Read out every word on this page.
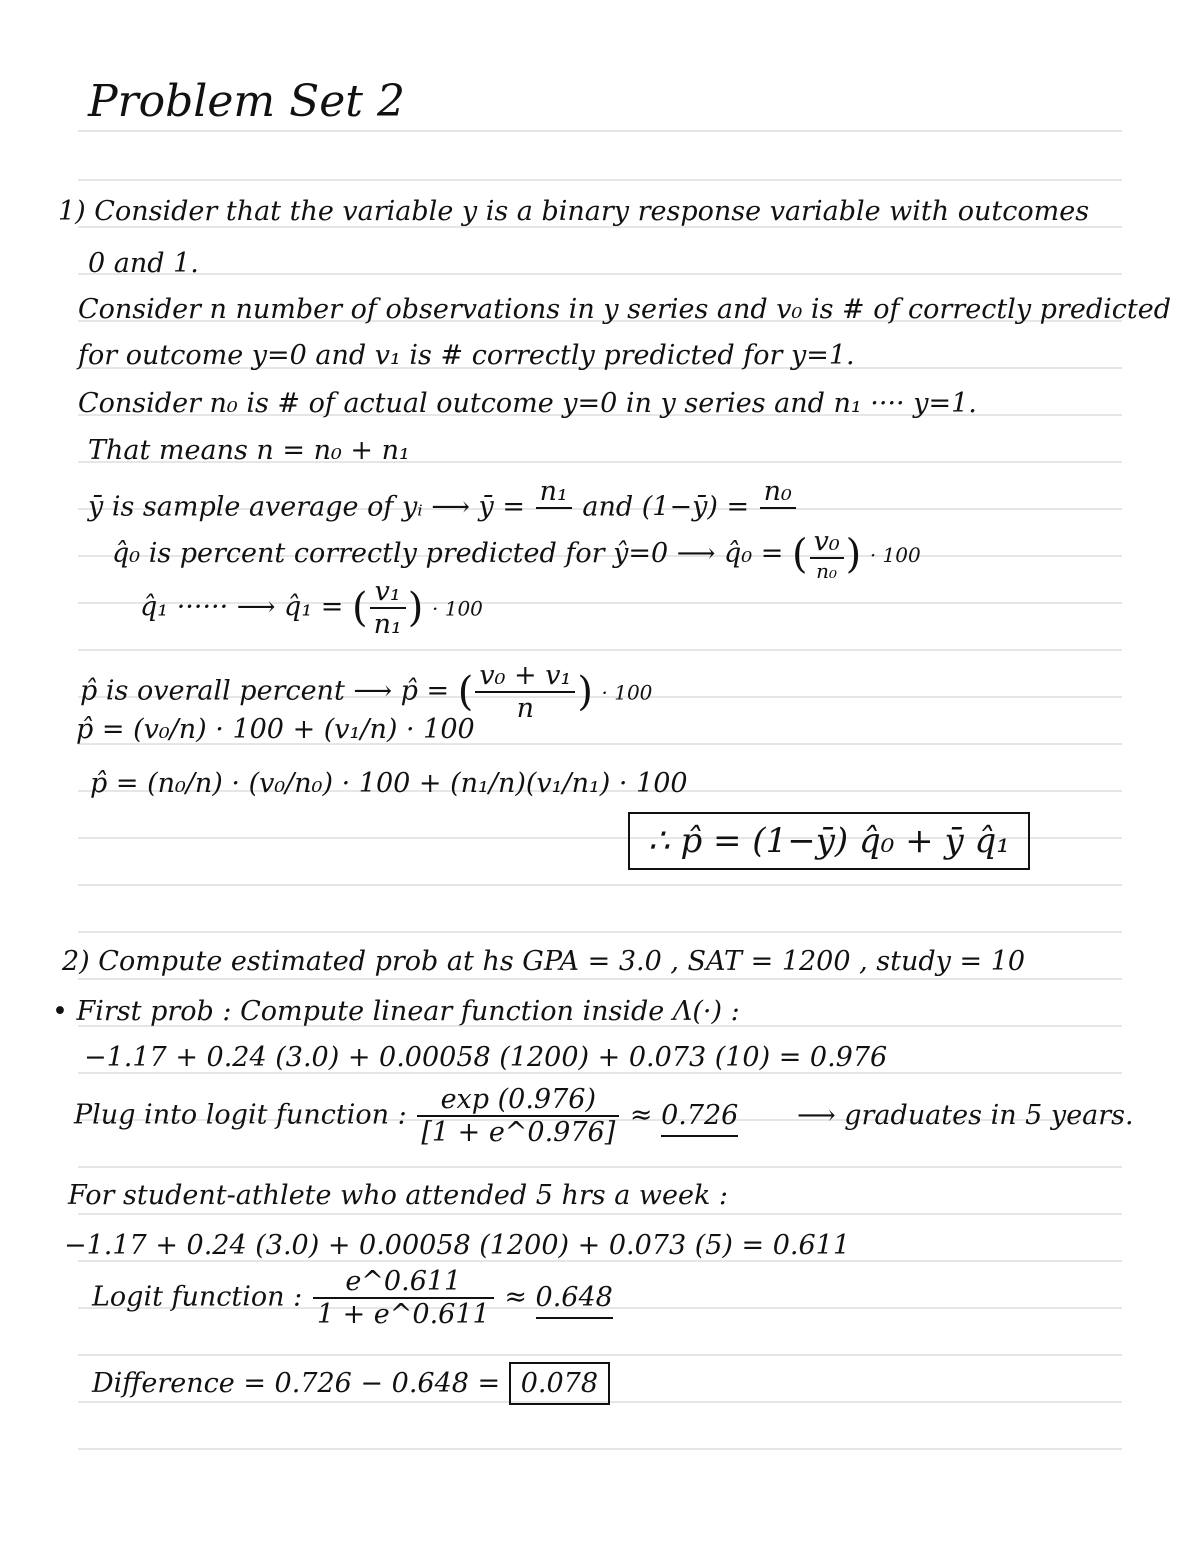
Problem Set 2
1) Consider that the variable y is a binary response variable with outcomes
0 and 1.
Consider n number of observations in y series and v₀ is # of correctly predicted
for outcome y=0 and v₁ is # correctly predicted for y=1.
Consider n₀ is # of actual outcome y=0 in y series and n₁ ···· y=1.
That means n = n₀ + n₁
ȳ is sample average of yᵢ ⟶ ȳ = n₁
and (1−ȳ) = n₀

q̂₀ is percent correctly predicted for ŷ=0 ⟶ q̂₀ = ( $\frac{\text{v₀}}{\text{n₀}}$ ) · 100
q̂₁ ······ ⟶ q̂₁ = ( $\frac{\text{v₁}}{\text{n₁}}$ ) · 100
p̂ is overall percent ⟶ p̂ = ( $\frac{\text{v₀ + v₁}}{n}$ ) · 100
p̂ = (v₀/n) · 100 + (v₁/n) · 100
p̂ = (n₀/n) · (v₀/n₀) · 100 + (n₁/n)(v₁/n₁) · 100
∴ p̂ = (1−ȳ) q̂₀ + ȳ q̂₁
2) Compute estimated prob at hs GPA = 3.0 , SAT = 1200 , study = 10
• First prob : Compute linear function inside Λ(·) :
−1.17 + 0.24 (3.0) + 0.00058 (1200) + 0.073 (10) = 0.976
Plug into logit function : $\frac{\exp (0.976)}{[1 + e\^{}0.976]} \approx 0.726$ ⟶ graduates in 5 years.
For student-athlete who attended 5 hrs a week :
−1.17 + 0.24 (3.0) + 0.00058 (1200) + 0.073 (5) = 0.611
Logit function : $\frac{e\^{}0.611}{1 + e\^{}0.611} \approx 0.648$
Difference = 0.726 − 0.648 = 0.078
